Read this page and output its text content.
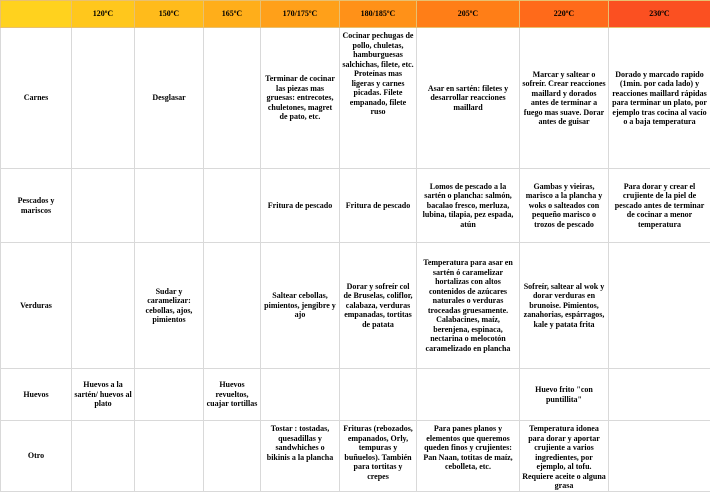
	120ºC	150ºC	165ºC	170/175ºC	180/185ºC	205ºC	220ºC	230ºC
Carnes		Desglasar		Terminar de cocinar las piezas mas gruesas: entrecotes, chuletones, magret de pato, etc.	Cocinar pechugas de pollo, chuletas, hamburguesas salchichas, filete, etc. Proteínas mas ligeras y carnes picadas. Filete empanado, filete ruso	Asar en sartén: filetes y desarrollar reacciones maillard	Marcar y saltear o sofreír. Crear reacciones maillard y dorados antes de terminar a fuego mas suave. Dorar antes de guisar	Dorado y marcado rapido (1min. por cada lado) y reacciones maillard rápidas para terminar un plato, por ejemplo tras cocina al vacío o a baja temperatura
Pescados y mariscos				Fritura de pescado	Fritura de pescado	Lomos de pescado a la sartén o plancha: salmón, bacalao fresco, merluza, lubina, tilapia, pez espada, atún	Gambas y vieiras, marisco a la plancha y woks o salteados con pequeño marisco o trozos de pescado	Para dorar y crear el crujiente de la piel de pescado antes de terminar de cocinar a menor temperatura
Verduras		Sudar y caramelizar: cebollas, ajos, pimientos		Saltear cebollas, pimientos, jengibre y ajo	Dorar y sofreír col de Bruselas, coliflor, calabaza, verduras empanadas, tortitas de patata	Temperatura para asar en sartén ó caramelizar hortalizas con altos contenidos de azúcares naturales o verduras troceadas gruesamente. Calabacines, maíz, berenjena, espinaca, nectarina o melocotón caramelizado en plancha	Sofreír, saltear al wok y dorar verduras en brunoise. Pimientos, zanahorias, espárragos, kale y patata frita	
Huevos	Huevos a la sartén/ huevos al plato		Huevos revueltos, cuajar tortillas				Huevo frito "con puntillita"	
Otro				Tostar : tostadas, quesadillas y sandwhiches o bikinis a la plancha	Frituras (rebozados, empanados, Orly, tempuras y buñuelos). También para tortitas y crepes	Para panes planos y elementos que queremos queden finos y crujientes: Pan Naan, totitas de maíz, cebolleta, etc.	Temperatura idonea para dorar y aportar crujiente a varios ingredientes, por ejemplo, al tofu. Requiere aceite o alguna grasa	
